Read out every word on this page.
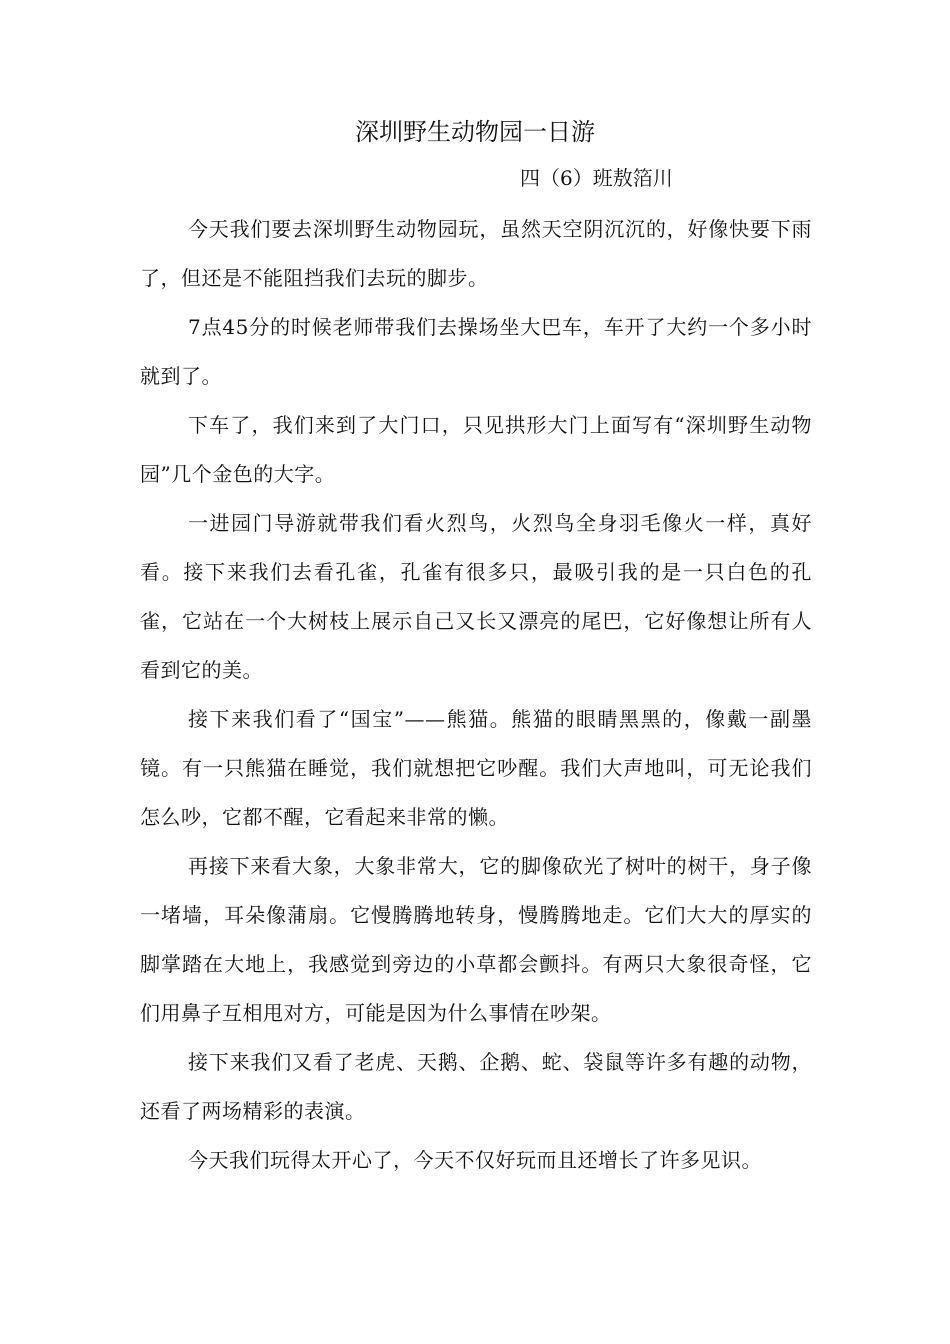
深圳野生动物园一日游

四（6）班敖箔川

今天我们要去深圳野生动物园玩，虽然天空阴沉沉的，好像快要下雨了，但还是不能阻挡我们去玩的脚步。

7点45分的时候老师带我们去操场坐大巴车，车开了大约一个多小时就到了。

下车了，我们来到了大门口，只见拱形大门上面写有“深圳野生动物园”几个金色的大字。

一进园门导游就带我们看火烈鸟，火烈鸟全身羽毛像火一样，真好看。接下来我们去看孔雀，孔雀有很多只，最吸引我的是一只白色的孔雀，它站在一个大树枝上展示自己又长又漂亮的尾巴，它好像想让所有人看到它的美。

接下来我们看了“国宝”——熊猫。熊猫的眼睛黑黑的，像戴一副墨镜。有一只熊猫在睡觉，我们就想把它吵醒。我们大声地叫，可无论我们怎么吵，它都不醒，它看起来非常的懒。

再接下来看大象，大象非常大，它的脚像砍光了树叶的树干，身子像一堵墙，耳朵像蒲扇。它慢腾腾地转身，慢腾腾地走。它们大大的厚实的脚掌踏在大地上，我感觉到旁边的小草都会颤抖。有两只大象很奇怪，它们用鼻子互相甩对方，可能是因为什么事情在吵架。

接下来我们又看了老虎、天鹅、企鹅、蛇、袋鼠等许多有趣的动物，还看了两场精彩的表演。

今天我们玩得太开心了，今天不仅好玩而且还增长了许多见识。
